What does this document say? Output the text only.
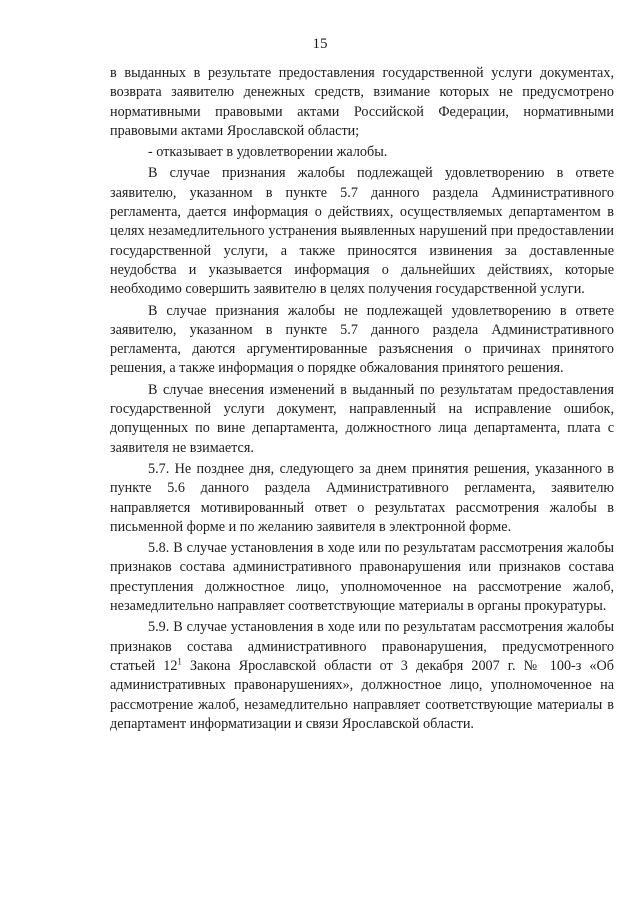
15

в выданных в результате предоставления государственной услуги документах, возврата заявителю денежных средств, взимание которых не предусмотрено нормативными правовыми актами Российской Федерации, нормативными правовыми актами Ярославской области;

- отказывает в удовлетворении жалобы.

В случае признания жалобы подлежащей удовлетворению в ответе заявителю, указанном в пункте 5.7 данного раздела Административного регламента, дается информация о действиях, осуществляемых департаментом в целях незамедлительного устранения выявленных нарушений при предоставлении государственной услуги, а также приносятся извинения за доставленные неудобства и указывается информация о дальнейших действиях, которые необходимо совершить заявителю в целях получения государственной услуги.

В случае признания жалобы не подлежащей удовлетворению в ответе заявителю, указанном в пункте 5.7 данного раздела Административного регламента, даются аргументированные разъяснения о причинах принятого решения, а также информация о порядке обжалования принятого решения.

В случае внесения изменений в выданный по результатам предоставления государственной услуги документ, направленный на исправление ошибок, допущенных по вине департамента, должностного лица департамента, плата с заявителя не взимается.

5.7. Не позднее дня, следующего за днем принятия решения, указанного в пункте 5.6 данного раздела Административного регламента, заявителю направляется мотивированный ответ о результатах рассмотрения жалобы в письменной форме и по желанию заявителя в электронной форме.

5.8. В случае установления в ходе или по результатам рассмотрения жалобы признаков состава административного правонарушения или признаков состава преступления должностное лицо, уполномоченное на рассмотрение жалоб, незамедлительно направляет соответствующие материалы в органы прокуратуры.

5.9. В случае установления в ходе или по результатам рассмотрения жалобы признаков состава административного правонарушения, предусмотренного статьей $12^1$ Закона Ярославской области от 3 декабря 2007 г. № 100-з «Об административных правонарушениях», должностное лицо, уполномоченное на рассмотрение жалоб, незамедлительно направляет соответствующие материалы в департамент информатизации и связи Ярославской области.
